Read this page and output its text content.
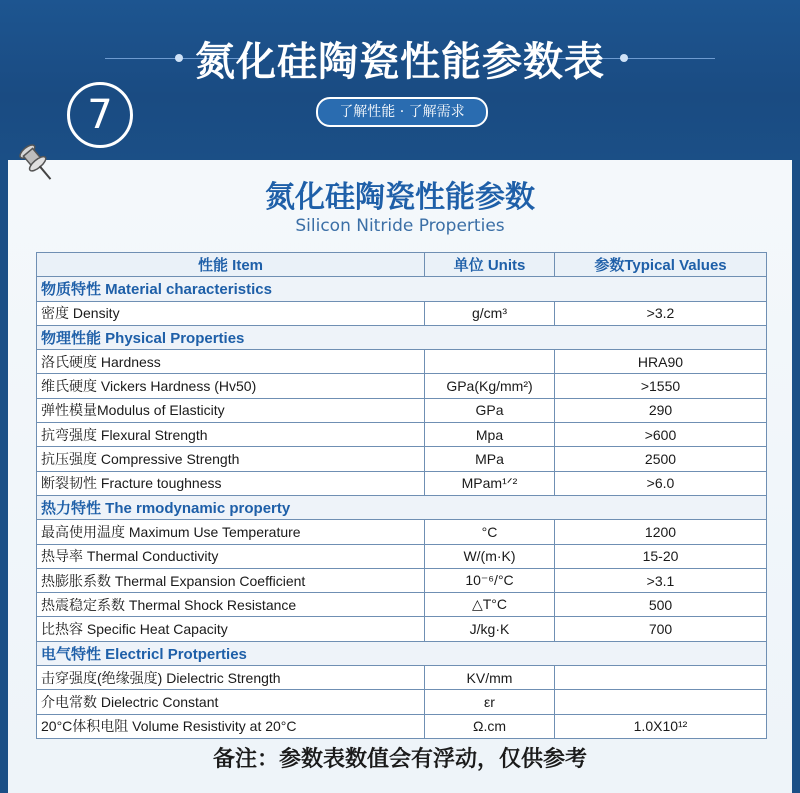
氮化硅陶瓷性能参数表
7	了解性能 · 了解需求
氮化硅陶瓷性能参数
Silicon Nitride Properties
性能 Item	单位 Units	参数Typical Values
物质特性 Material characteristics		
密度 Density	g/cm³	>3.2
物理性能 Physical Properties		
洛氏硬度 Hardness		HRA90
维氏硬度 Vickers Hardness (Hv50)	GPa(Kg/mm²)	>1550
弹性模量Modulus of Elasticity	GPa	290
抗弯强度 Flexural Strength	Mpa	>600
抗压强度 Compressive Strength	MPa	2500
断裂韧性 Fracture toughness	MPam¹ᐟ²	>6.0
热力特性 The rmodynamic property		
最高使用温度 Maximum Use Temperature	°C	1200
热导率 Thermal Conductivity	W/(m·K)	15-20
热膨胀系数 Thermal Expansion Coefficient	10⁻⁶/°C	>3.1
热震稳定系数 Thermal Shock Resistance	△T°C	500
比热容 Specific Heat Capacity	J/kg·K	700
电气特性 Electricl Protperties		
击穿强度(绝缘强度) Dielectric Strength	KV/mm	
介电常数 Dielectric Constant	εr	
20°C体积电阻 Volume Resistivity at 20°C	Ω.cm	1.0X10¹²
备注：参数表数值会有浮动，仅供参考
